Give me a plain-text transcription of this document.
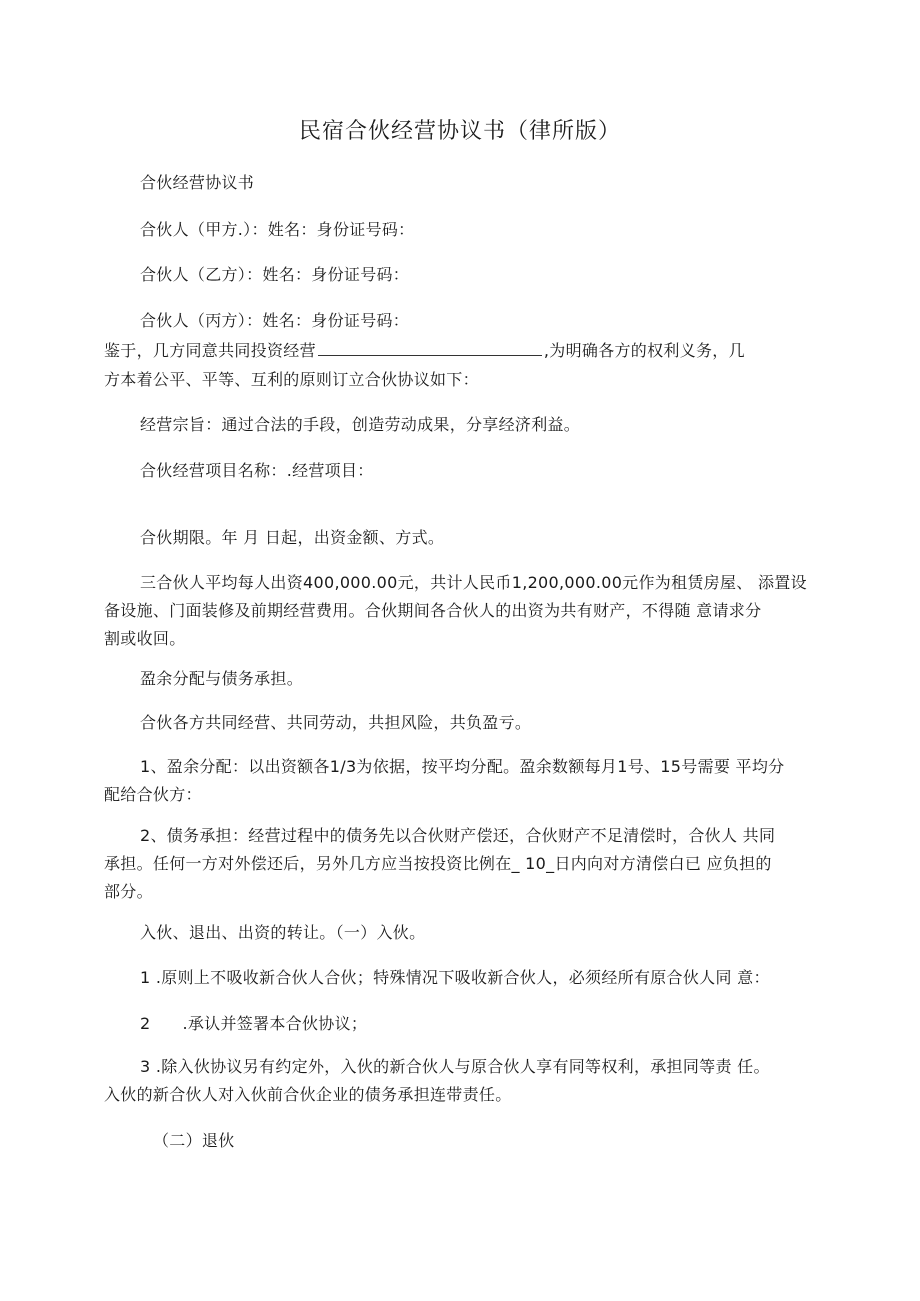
民宿合伙经营协议书（律所版）
合伙经营协议书
合伙人（甲方.）：姓名：身份证号码：
合伙人（乙方）：姓名：身份证号码：
合伙人（丙方）：姓名：身份证号码：
鉴于，几方同意共同投资经营	,为明确各方的权利义务，几
方本着公平、平等、互利的原则订立合伙协议如下：
经营宗旨：通过合法的手段，创造劳动成果，分享经济利益。
合伙经营项目名称：.经营项目：
合伙期限。年 月 日起，出资金额、方式。
三合伙人平均每人出资400,000.00元，共计人民币1,200,000.00元作为租赁房屋、 添置设
备设施、门面装修及前期经营费用。合伙期间各合伙人的出资为共有财产，不得随 意请求分
割或收回。
盈余分配与债务承担。
合伙各方共同经营、共同劳动，共担风险，共负盈亏。
1、盈余分配：以出资额各1/3为依据，按平均分配。盈余数额每月1号、15号需要 平均分
配给合伙方：
2、债务承担：经营过程中的债务先以合伙财产偿还，合伙财产不足清偿时，合伙人 共同
承担。任何一方对外偿还后，另外几方应当按投资比例在_ 10_日内向对方清偿白已 应负担的
部分。
入伙、退出、出资的转让。（一）入伙。
1 .原则上不吸收新合伙人合伙；特殊情况下吸收新合伙人，必须经所有原合伙人同 意：
2 .承认并签署本合伙协议；
3 .除入伙协议另有约定外，入伙的新合伙人与原合伙人享有同等权利，承担同等责 任。
入伙的新合伙人对入伙前合伙企业的债务承担连带责任。
（二）退伙
